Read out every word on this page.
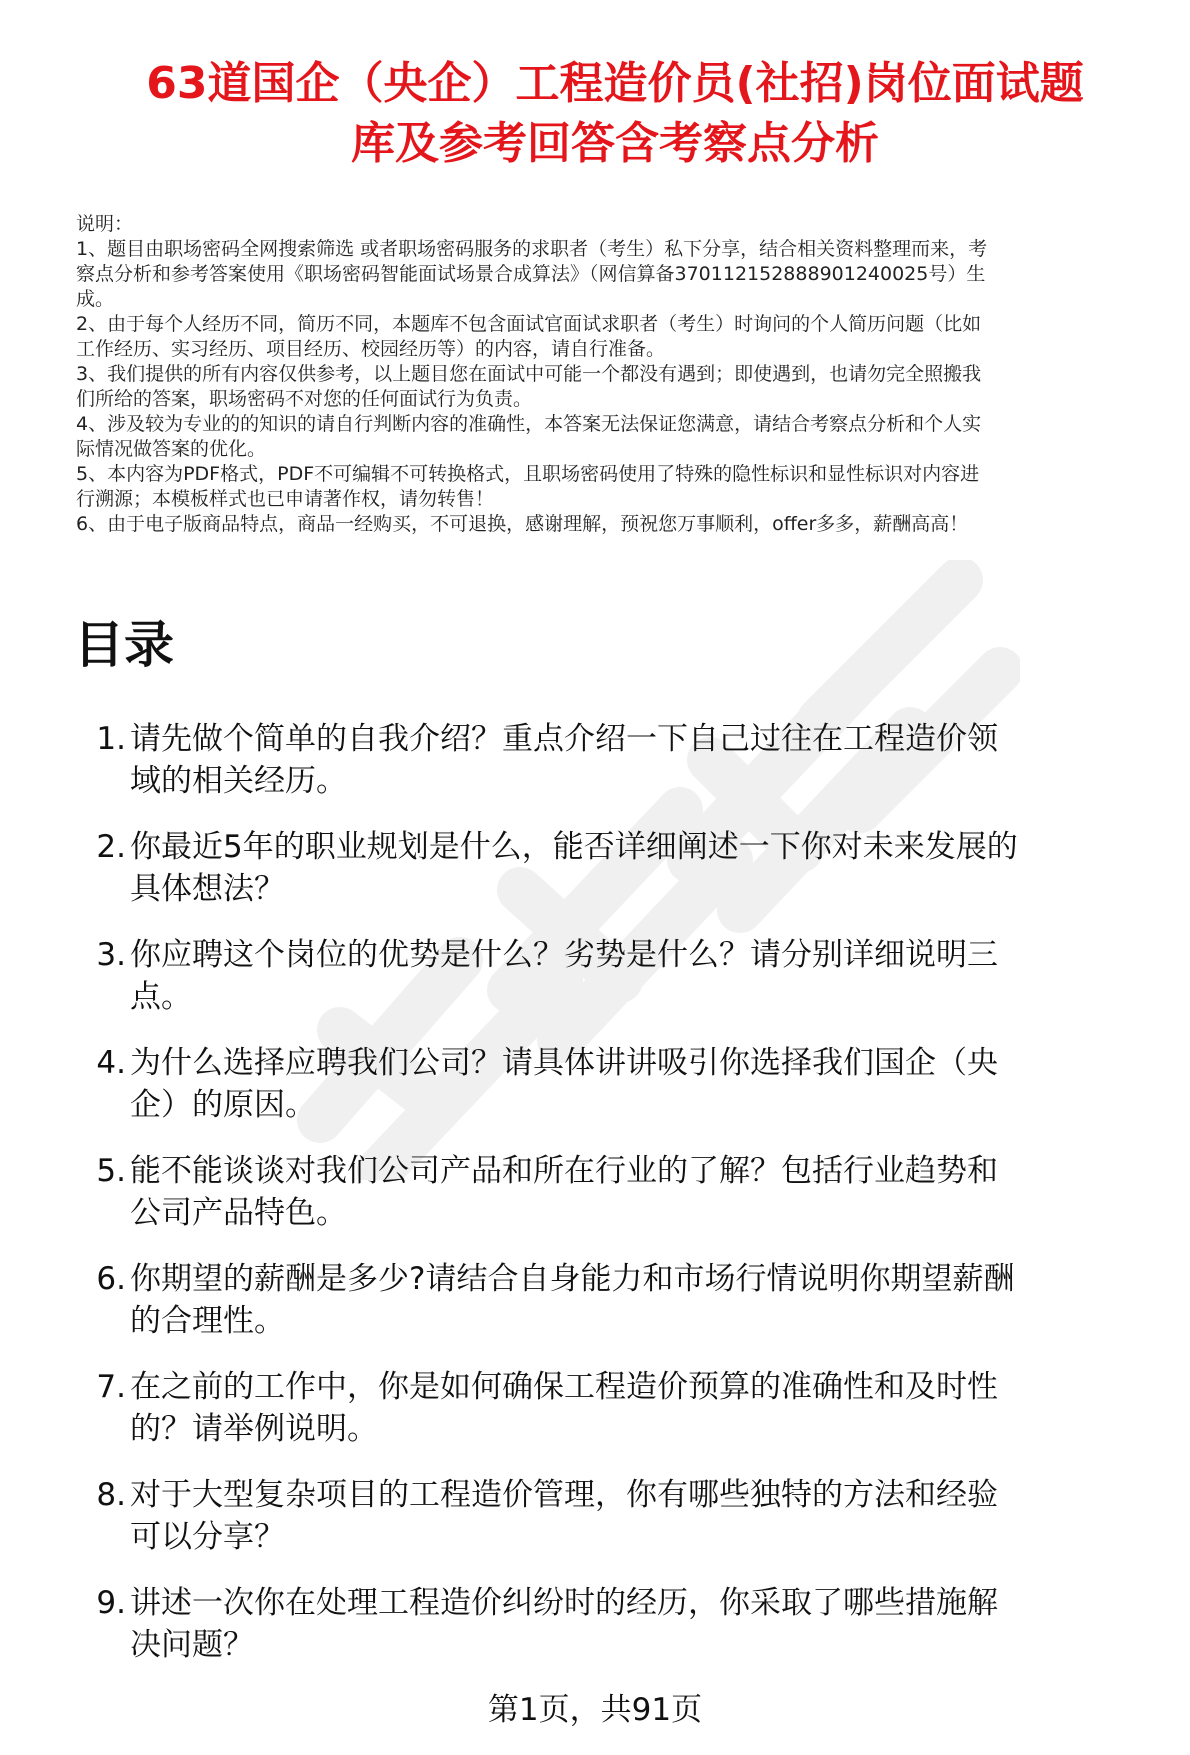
63道国企（央企）工程造价员(社招)岗位面试题
库及参考回答含考察点分析
说明：
1、题目由职场密码全网搜索筛选 或者职场密码服务的求职者（考生）私下分享，结合相关资料整理而来，考
察点分析和参考答案使用《职场密码智能面试场景合成算法》（网信算备370112152888901240025号）生
成。
2、由于每个人经历不同，简历不同，本题库不包含面试官面试求职者（考生）时询问的个人简历问题（比如
工作经历、实习经历、项目经历、校园经历等）的内容，请自行准备。
3、我们提供的所有内容仅供参考，以上题目您在面试中可能一个都没有遇到；即使遇到，也请勿完全照搬我
们所给的答案，职场密码不对您的任何面试行为负责。
4、涉及较为专业的的知识的请自行判断内容的准确性，本答案无法保证您满意，请结合考察点分析和个人实
际情况做答案的优化。
5、本内容为PDF格式，PDF不可编辑不可转换格式，且职场密码使用了特殊的隐性标识和显性标识对内容进
行溯源；本模板样式也已申请著作权，请勿转售！
6、由于电子版商品特点，商品一经购买，不可退换，感谢理解，预祝您万事顺利，offer多多，薪酬高高！
目录
1. 请先做个简单的自我介绍？重点介绍一下自己过往在工程造价领
域的相关经历。
2. 你最近5年的职业规划是什么，能否详细阐述一下你对未来发展的
具体想法？
3. 你应聘这个岗位的优势是什么？劣势是什么？请分别详细说明三
点。
4. 为什么选择应聘我们公司？请具体讲讲吸引你选择我们国企（央
企）的原因。
5. 能不能谈谈对我们公司产品和所在行业的了解？包括行业趋势和
公司产品特色。
6. 你期望的薪酬是多少?请结合自身能力和市场行情说明你期望薪酬
的合理性。
7. 在之前的工作中，你是如何确保工程造价预算的准确性和及时性
的？请举例说明。
8. 对于大型复杂项目的工程造价管理，你有哪些独特的方法和经验
可以分享？
9. 讲述一次你在处理工程造价纠纷时的经历，你采取了哪些措施解
决问题？
第1页，共91页
